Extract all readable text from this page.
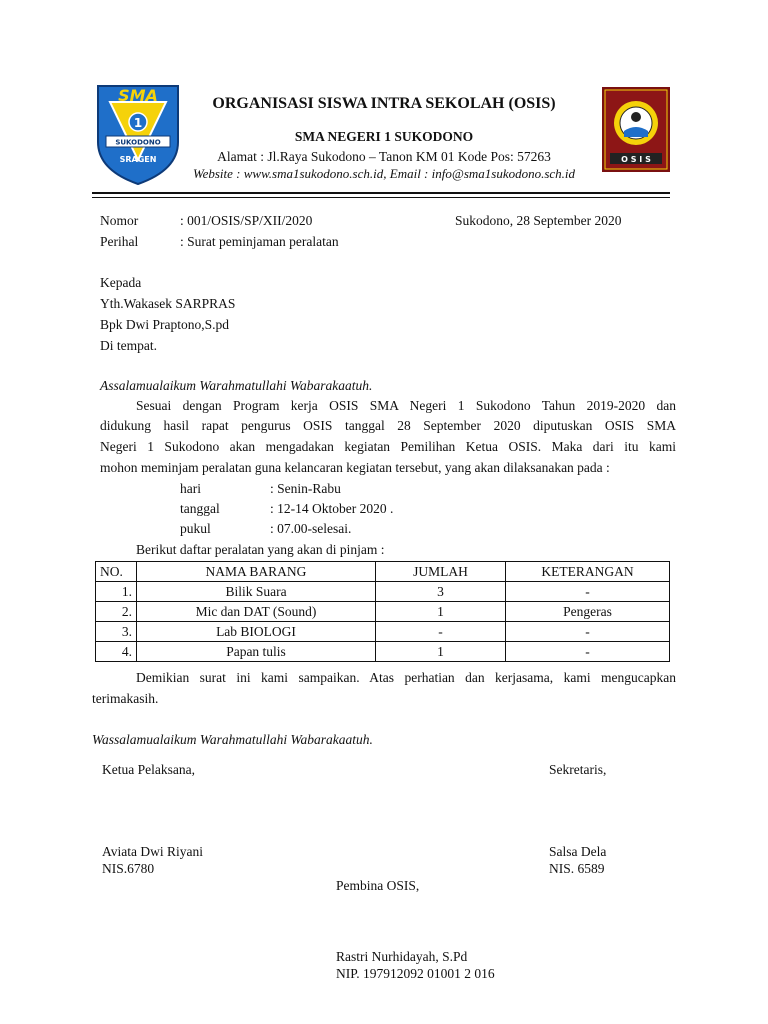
SMA
1
SUKODONO
SRAGEN
ORGANISASI SISWA INTRA SEKOLAH (OSIS)
SMA NEGERI 1 SUKODONO
Alamat : Jl.Raya Sukodono – Tanon KM 01 Kode Pos: 57263
Website : www.sma1sukodono.sch.id, Email : info@sma1sukodono.sch.id
O S I S
Nomor	: 001/OSIS/SP/XII/2020	Sukodono, 28 September 2020
Perihal	: Surat peminjaman peralatan
Kepada
Yth.Wakasek SARPRAS
Bpk Dwi Praptono,S.pd
Di tempat.
Assalamualaikum Warahmatullahi Wabarakaatuh.
Sesuai dengan Program kerja OSIS SMA Negeri 1 Sukodono Tahun 2019-2020 dan
didukung hasil rapat pengurus OSIS tanggal 28 September 2020 diputuskan OSIS SMA
Negeri 1 Sukodono akan mengadakan kegiatan Pemilihan Ketua OSIS. Maka dari itu kami
mohon meminjam peralatan guna kelancaran kegiatan tersebut, yang akan dilaksanakan pada :
hari	: Senin-Rabu
tanggal	: 12-14 Oktober 2020 .
pukul	: 07.00-selesai.
Berikut daftar peralatan yang akan di pinjam :
NO.	NAMA BARANG	JUMLAH	KETERANGAN
1.	Bilik Suara	3	-
2.	Mic dan DAT (Sound)	1	Pengeras
3.	Lab BIOLOGI	-	-
4.	Papan tulis	1	-
Demikian surat ini kami sampaikan. Atas perhatian dan kerjasama, kami mengucapkan
terimakasih.
Wassalamualaikum Warahmatullahi Wabarakaatuh.
Ketua Pelaksana,	Sekretaris,
Aviata Dwi Riyani	Salsa Dela
NIS.6780	NIS. 6589
Pembina OSIS,
Rastri Nurhidayah, S.Pd
NIP. 197912092 01001 2 016
